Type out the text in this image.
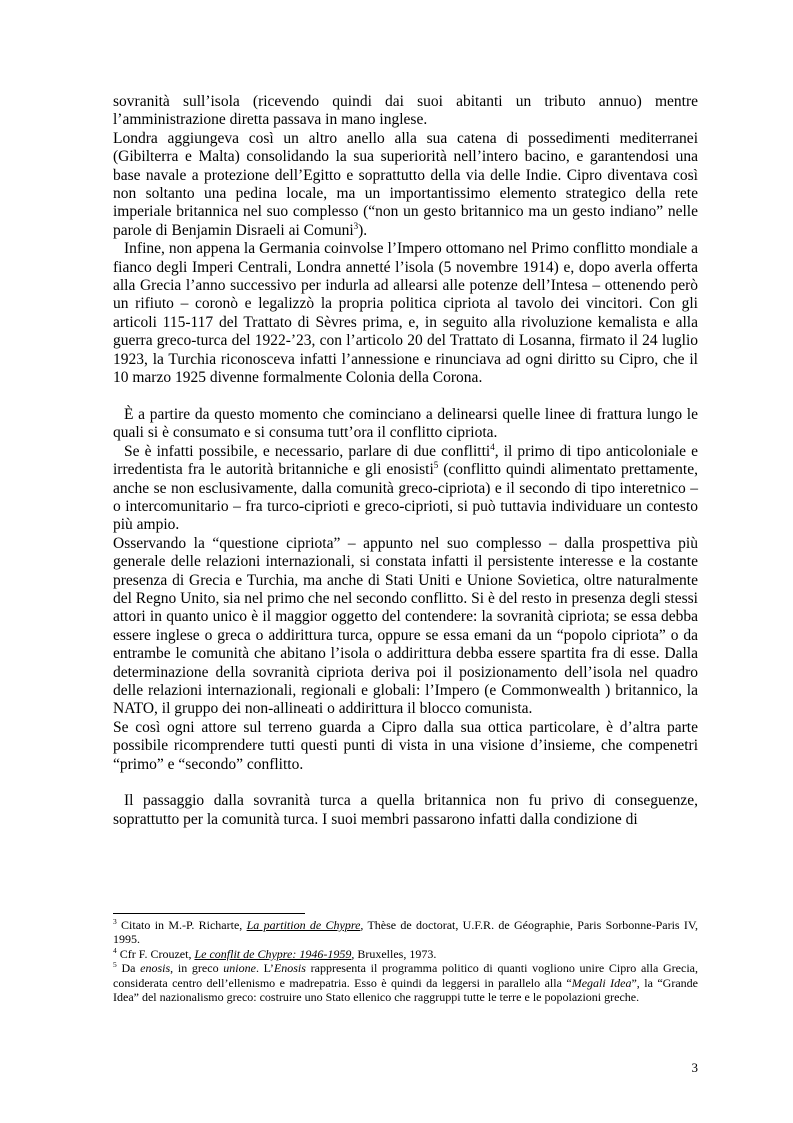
sovranità sull’isola (ricevendo quindi dai suoi abitanti un tributo annuo) mentre l’amministrazione diretta passava in mano inglese.

Londra aggiungeva così un altro anello alla sua catena di possedimenti mediterranei (Gibilterra e Malta) consolidando la sua superiorità nell’intero bacino, e garantendosi una base navale a protezione dell’Egitto e soprattutto della via delle Indie. Cipro diventava così non soltanto una pedina locale, ma un importantissimo elemento strategico della rete imperiale britannica nel suo complesso (“non un gesto britannico ma un gesto indiano” nelle parole di Benjamin Disraeli ai Comuni$^3$).

Infine, non appena la Germania coinvolse l’Impero ottomano nel Primo conflitto mondiale a fianco degli Imperi Centrali, Londra annetté l’isola (5 novembre 1914) e, dopo averla offerta alla Grecia l’anno successivo per indurla ad allearsi alle potenze dell’Intesa – ottenendo però un rifiuto – coronò e legalizzò la propria politica cipriota al tavolo dei vincitori. Con gli articoli 115-117 del Trattato di Sèvres prima, e, in seguito alla rivoluzione kemalista e alla guerra greco-turca del 1922-’23, con l’articolo 20 del Trattato di Losanna, firmato il 24 luglio 1923, la Turchia riconosceva infatti l’annessione e rinunciava ad ogni diritto su Cipro, che il 10 marzo 1925 divenne formalmente Colonia della Corona.

È a partire da questo momento che cominciano a delinearsi quelle linee di frattura lungo le quali si è consumato e si consuma tutt’ora il conflitto cipriota.

Se è infatti possibile, e necessario, parlare di due conflitti$^4$, il primo di tipo anticoloniale e irredentista fra le autorità britanniche e gli enosisti$^5$ (conflitto quindi alimentato prettamente, anche se non esclusivamente, dalla comunità greco-cipriota) e il secondo di tipo interetnico – o intercomunitario – fra turco-ciprioti e greco-ciprioti, si può tuttavia individuare un contesto più ampio.

Osservando la “questione cipriota” – appunto nel suo complesso – dalla prospettiva più generale delle relazioni internazionali, si constata infatti il persistente interesse e la costante presenza di Grecia e Turchia, ma anche di Stati Uniti e Unione Sovietica, oltre naturalmente del Regno Unito, sia nel primo che nel secondo conflitto. Si è del resto in presenza degli stessi attori in quanto unico è il maggior oggetto del contendere: la sovranità cipriota; se essa debba essere inglese o greca o addirittura turca, oppure se essa emani da un “popolo cipriota” o da entrambe le comunità che abitano l’isola o addirittura debba essere spartita fra di esse. Dalla determinazione della sovranità cipriota deriva poi il posizionamento dell’isola nel quadro delle relazioni internazionali, regionali e globali: l’Impero (e Commonwealth ) britannico, la NATO, il gruppo dei non-allineati o addirittura il blocco comunista.

Se così ogni attore sul terreno guarda a Cipro dalla sua ottica particolare, è d’altra parte possibile ricomprendere tutti questi punti di vista in una visione d’insieme, che compenetri “primo” e “secondo” conflitto.

Il passaggio dalla sovranità turca a quella britannica non fu privo di conseguenze, soprattutto per la comunità turca. I suoi membri passarono infatti dalla condizione di

$^3$ Citato in M.-P. Richarte, La partition de Chypre, Thèse de doctorat, U.F.R. de Géographie, Paris Sorbonne-Paris IV, 1995.

$^4$ Cfr F. Crouzet, Le conflit de Chypre: 1946-1959, Bruxelles, 1973.

$^5$ Da enosis, in greco unione. L’Enosis rappresenta il programma politico di quanti vogliono unire Cipro alla Grecia, considerata centro dell’ellenismo e madrepatria. Esso è quindi da leggersi in parallelo alla “Megali Idea”, la “Grande Idea” del nazionalismo greco: costruire uno Stato ellenico che raggruppi tutte le terre e le popolazioni greche.

3
